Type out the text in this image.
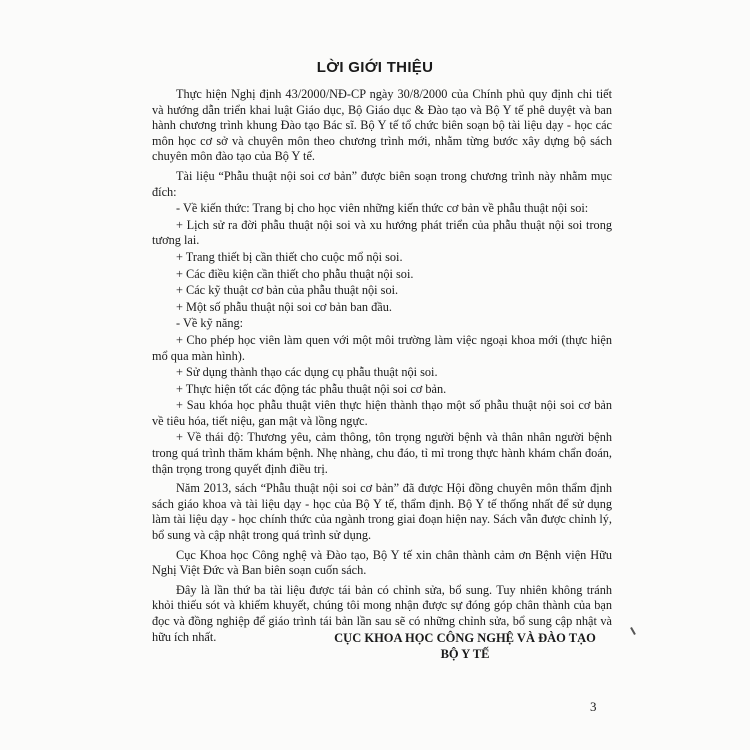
LỜI GIỚI THIỆU

Thực hiện Nghị định 43/2000/NĐ-CP ngày 30/8/2000 của Chính phủ quy định chi tiết và hướng dẫn triển khai luật Giáo dục, Bộ Giáo dục & Đào tạo và Bộ Y tế phê duyệt và ban hành chương trình khung Đào tạo Bác sĩ. Bộ Y tế tổ chức biên soạn bộ tài liệu dạy - học các môn học cơ sở và chuyên môn theo chương trình mới, nhằm từng bước xây dựng bộ sách chuyên môn đào tạo của Bộ Y tế.

Tài liệu “Phẫu thuật nội soi cơ bản” được biên soạn trong chương trình này nhằm mục đích:

- Về kiến thức: Trang bị cho học viên những kiến thức cơ bản về phẫu thuật nội soi:

+ Lịch sử ra đời phẫu thuật nội soi và xu hướng phát triển của phẫu thuật nội soi trong tương lai.

+ Trang thiết bị cần thiết cho cuộc mổ nội soi.

+ Các điều kiện cần thiết cho phẫu thuật nội soi.

+ Các kỹ thuật cơ bản của phẫu thuật nội soi.

+ Một số phẫu thuật nội soi cơ bản ban đầu.

- Về kỹ năng:

+ Cho phép học viên làm quen với một môi trường làm việc ngoại khoa mới (thực hiện mổ qua màn hình).

+ Sử dụng thành thạo các dụng cụ phẫu thuật nội soi.

+ Thực hiện tốt các động tác phẫu thuật nội soi cơ bản.

+ Sau khóa học phẫu thuật viên thực hiện thành thạo một số phẫu thuật nội soi cơ bản về tiêu hóa, tiết niệu, gan mật và lồng ngực.

+ Về thái độ: Thương yêu, cảm thông, tôn trọng người bệnh và thân nhân người bệnh trong quá trình thăm khám bệnh. Nhẹ nhàng, chu đáo, tỉ mỉ trong thực hành khám chẩn đoán, thận trọng trong quyết định điều trị.

Năm 2013, sách “Phẫu thuật nội soi cơ bản” đã được Hội đồng chuyên môn thẩm định sách giáo khoa và tài liệu dạy - học của Bộ Y tế, thẩm định. Bộ Y tế thống nhất để sử dụng làm tài liệu dạy - học chính thức của ngành trong giai đoạn hiện nay. Sách vẫn được chỉnh lý, bổ sung và cập nhật trong quá trình sử dụng.

Cục Khoa học Công nghệ và Đào tạo, Bộ Y tế xin chân thành cảm ơn Bệnh viện Hữu Nghị Việt Đức và Ban biên soạn cuốn sách.

Đây là lần thứ ba tài liệu được tái bản có chỉnh sửa, bổ sung. Tuy nhiên không tránh khỏi thiếu sót và khiếm khuyết, chúng tôi mong nhận được sự đóng góp chân thành của bạn đọc và đồng nghiệp để giáo trình tái bản lần sau sẽ có những chỉnh sửa, bổ sung cập nhật và hữu ích nhất.	CỤC KHOA HỌC CÔNG NGHỆ VÀ ĐÀO TẠO
BỘ Y TẾ
3
